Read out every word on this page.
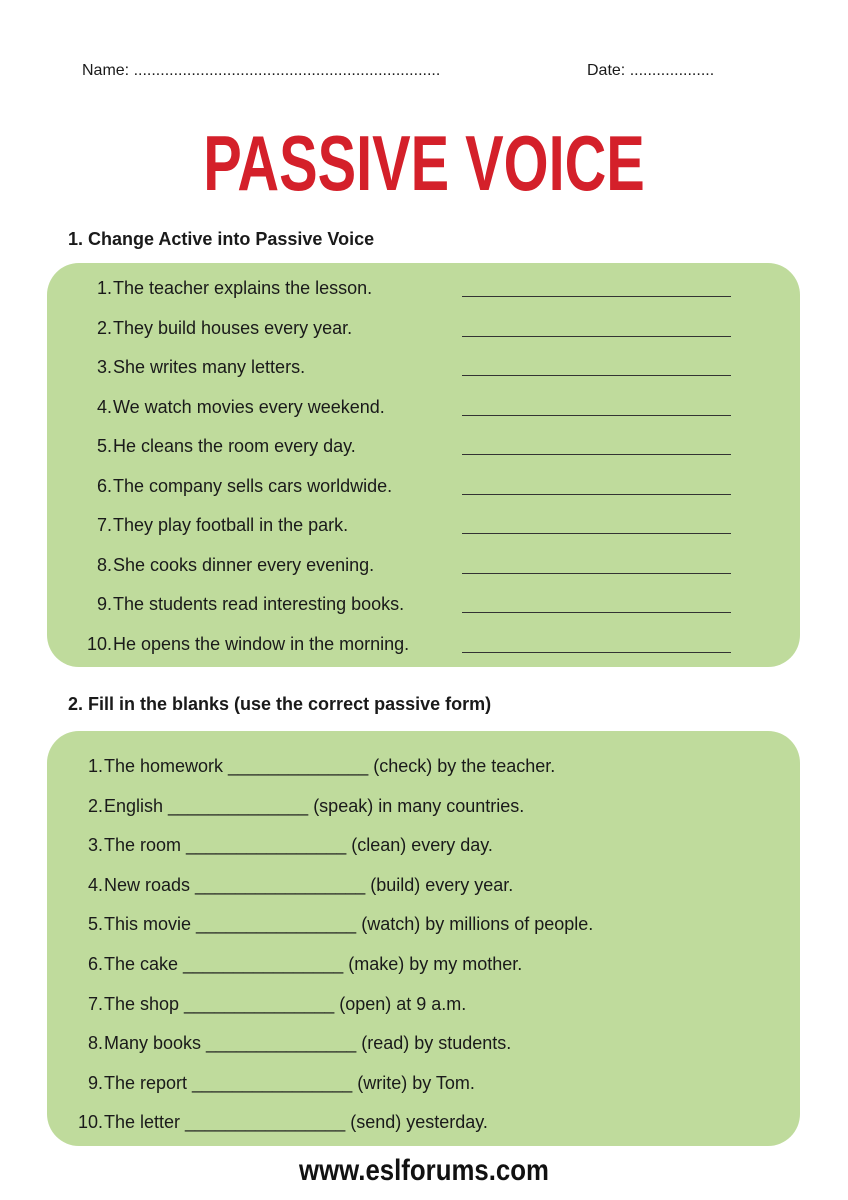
Name: .....................................................................	Date: ...................
PASSIVE VOICE
1. Change Active into Passive Voice
1. The teacher explains the lesson.
2. They build houses every year.
3. She writes many letters.
4. We watch movies every weekend.
5. He cleans the room every day.
6. The company sells cars worldwide.
7. They play football in the park.
8. She cooks dinner every evening.
9. The students read interesting books.
10. He opens the window in the morning.
2. Fill in the blanks (use the correct passive form)
1. The homework ______________ (check) by the teacher.
2. English ______________ (speak) in many countries.
3. The room ________________ (clean) every day.
4. New roads _________________ (build) every year.
5. This movie ________________ (watch) by millions of people.
6. The cake ________________ (make) by my mother.
7. The shop _______________ (open) at 9 a.m.
8. Many books _______________ (read) by students.
9. The report ________________ (write) by Tom.
10. The letter ________________ (send) yesterday.
www.eslforums.com
